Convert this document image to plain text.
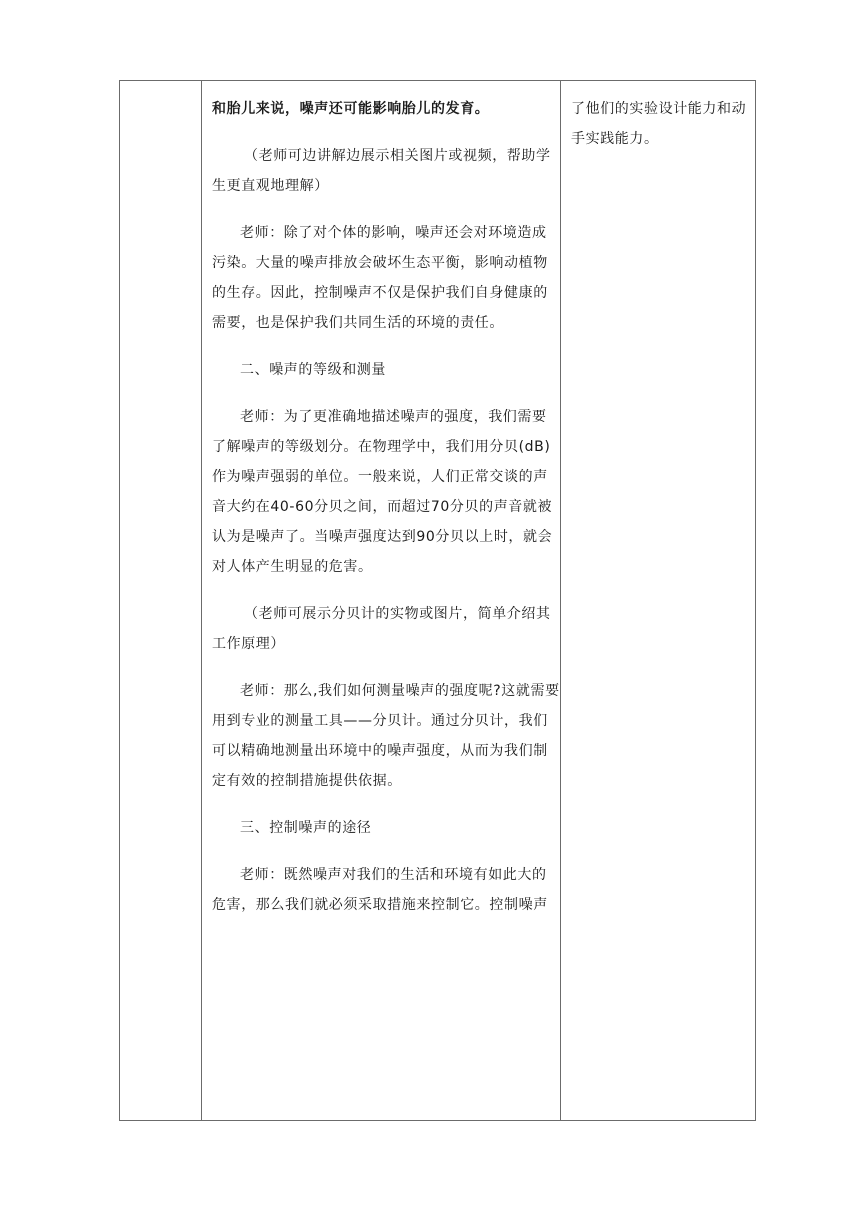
和胎儿来说，噪声还可能影响胎儿的发育。

（老师可边讲解边展示相关图片或视频，帮助学生更直观地理解）

老师：除了对个体的影响，噪声还会对环境造成污染。大量的噪声排放会破坏生态平衡，影响动植物的生存。因此，控制噪声不仅是保护我们自身健康的需要，也是保护我们共同生活的环境的责任。

二、噪声的等级和测量

老师：为了更准确地描述噪声的强度，我们需要了解噪声的等级划分。在物理学中，我们用分贝(dB)作为噪声强弱的单位。一般来说，人们正常交谈的声音大约在40-60分贝之间，而超过70分贝的声音就被认为是噪声了。当噪声强度达到90分贝以上时，就会对人体产生明显的危害。

（老师可展示分贝计的实物或图片，简单介绍其工作原理）

老师：那么,我们如何测量噪声的强度呢?这就需要用到专业的测量工具——分贝计。通过分贝计，我们可以精确地测量出环境中的噪声强度，从而为我们制定有效的控制措施提供依据。

三、控制噪声的途径

老师：既然噪声对我们的生活和环境有如此大的危害，那么我们就必须采取措施来控制它。控制噪声

了他们的实验设计能力和动手实践能力。
